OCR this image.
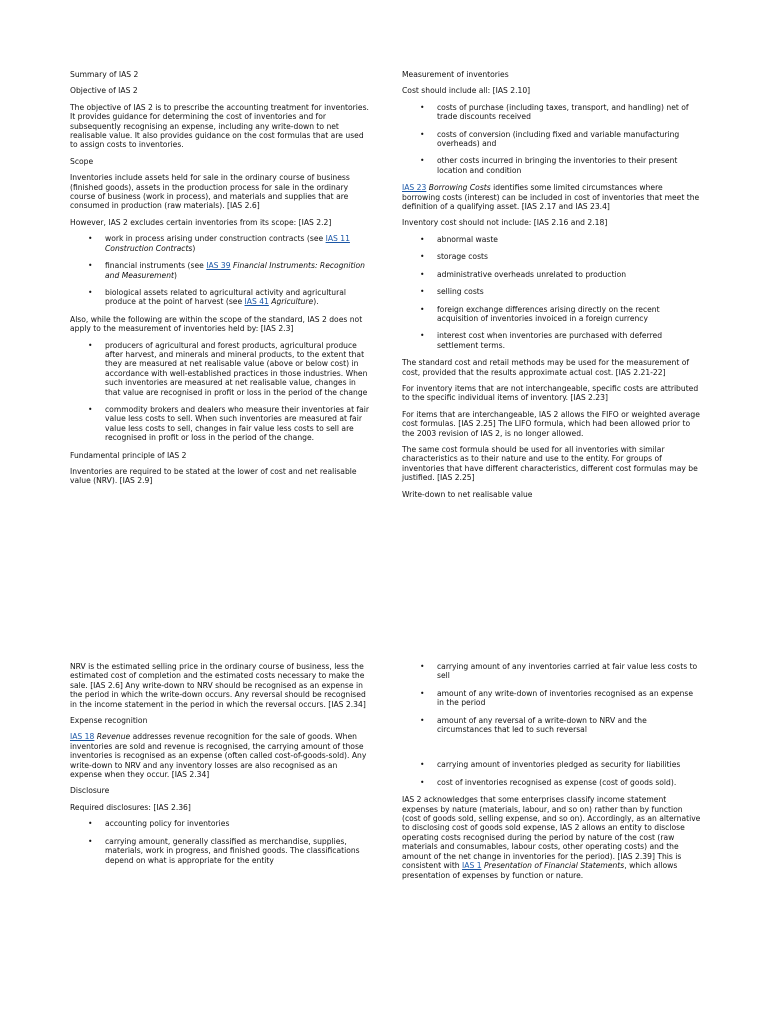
Summary of IAS 2
Objective of IAS 2

The objective of IAS 2 is to prescribe the accounting treatment for inventories. It provides guidance for determining the cost of inventories and for subsequently recognising an expense, including any write-down to net realisable value. It also provides guidance on the cost formulas that are used to assign costs to inventories.

Scope

Inventories include assets held for sale in the ordinary course of business (finished goods), assets in the production process for sale in the ordinary course of business (work in process), and materials and supplies that are consumed in production (raw materials). [IAS 2.6]

However, IAS 2 excludes certain inventories from its scope: [IAS 2.2]

• work in process arising under construction contracts (see IAS 11 Construction Contracts)
• financial instruments (see IAS 39 Financial Instruments: Recognition and Measurement)
• biological assets related to agricultural activity and agricultural produce at the point of harvest (see IAS 41 Agriculture).

Also, while the following are within the scope of the standard, IAS 2 does not apply to the measurement of inventories held by: [IAS 2.3]

• producers of agricultural and forest products, agricultural produce after harvest, and minerals and mineral products, to the extent that they are measured at net realisable value (above or below cost) in accordance with well-established practices in those industries. When such inventories are measured at net realisable value, changes in that value are recognised in profit or loss in the period of the change
• commodity brokers and dealers who measure their inventories at fair value less costs to sell. When such inventories are measured at fair value less costs to sell, changes in fair value less costs to sell are recognised in profit or loss in the period of the change.
Fundamental principle of IAS 2

Inventories are required to be stated at the lower of cost and net realisable value (NRV). [IAS 2.9]

Measurement of inventories

Cost should include all: [IAS 2.10]

• costs of purchase (including taxes, transport, and handling) net of trade discounts received
• costs of conversion (including fixed and variable manufacturing overheads) and
• other costs incurred in bringing the inventories to their present location and condition

IAS 23 Borrowing Costs identifies some limited circumstances where borrowing costs (interest) can be included in cost of inventories that meet the definition of a qualifying asset. [IAS 2.17 and IAS 23.4]

Inventory cost should not include: [IAS 2.16 and 2.18]

• abnormal waste
• storage costs
• administrative overheads unrelated to production
• selling costs
• foreign exchange differences arising directly on the recent acquisition of inventories invoiced in a foreign currency
• interest cost when inventories are purchased with deferred settlement terms.

The standard cost and retail methods may be used for the measurement of cost, provided that the results approximate actual cost. [IAS 2.21-22]

For inventory items that are not interchangeable, specific costs are attributed to the specific individual items of inventory. [IAS 2.23]

For items that are interchangeable, IAS 2 allows the FIFO or weighted average cost formulas. [IAS 2.25] The LIFO formula, which had been allowed prior to the 2003 revision of IAS 2, is no longer allowed.

The same cost formula should be used for all inventories with similar characteristics as to their nature and use to the entity. For groups of inventories that have different characteristics, different cost formulas may be justified. [IAS 2.25]

Write-down to net realisable value

NRV is the estimated selling price in the ordinary course of business, less the estimated cost of completion and the estimated costs necessary to make the sale. [IAS 2.6] Any write-down to NRV should be recognised as an expense in the period in which the write-down occurs. Any reversal should be recognised in the income statement in the period in which the reversal occurs. [IAS 2.34]

Expense recognition

IAS 18 Revenue addresses revenue recognition for the sale of goods. When inventories are sold and revenue is recognised, the carrying amount of those inventories is recognised as an expense (often called cost-of-goods-sold). Any write-down to NRV and any inventory losses are also recognised as an expense when they occur. [IAS 2.34]

Disclosure

Required disclosures: [IAS 2.36]

• accounting policy for inventories
• carrying amount, generally classified as merchandise, supplies, materials, work in progress, and finished goods. The classifications depend on what is appropriate for the entity
• carrying amount of any inventories carried at fair value less costs to sell
• amount of any write-down of inventories recognised as an expense in the period
• amount of any reversal of a write-down to NRV and the circumstances that led to such reversal
• carrying amount of inventories pledged as security for liabilities
• cost of inventories recognised as expense (cost of goods sold).

IAS 2 acknowledges that some enterprises classify income statement expenses by nature (materials, labour, and so on) rather than by function (cost of goods sold, selling expense, and so on). Accordingly, as an alternative to disclosing cost of goods sold expense, IAS 2 allows an entity to disclose operating costs recognised during the period by nature of the cost (raw materials and consumables, labour costs, other operating costs) and the amount of the net change in inventories for the period). [IAS 2.39] This is consistent with IAS 1 Presentation of Financial Statements, which allows presentation of expenses by function or nature.
